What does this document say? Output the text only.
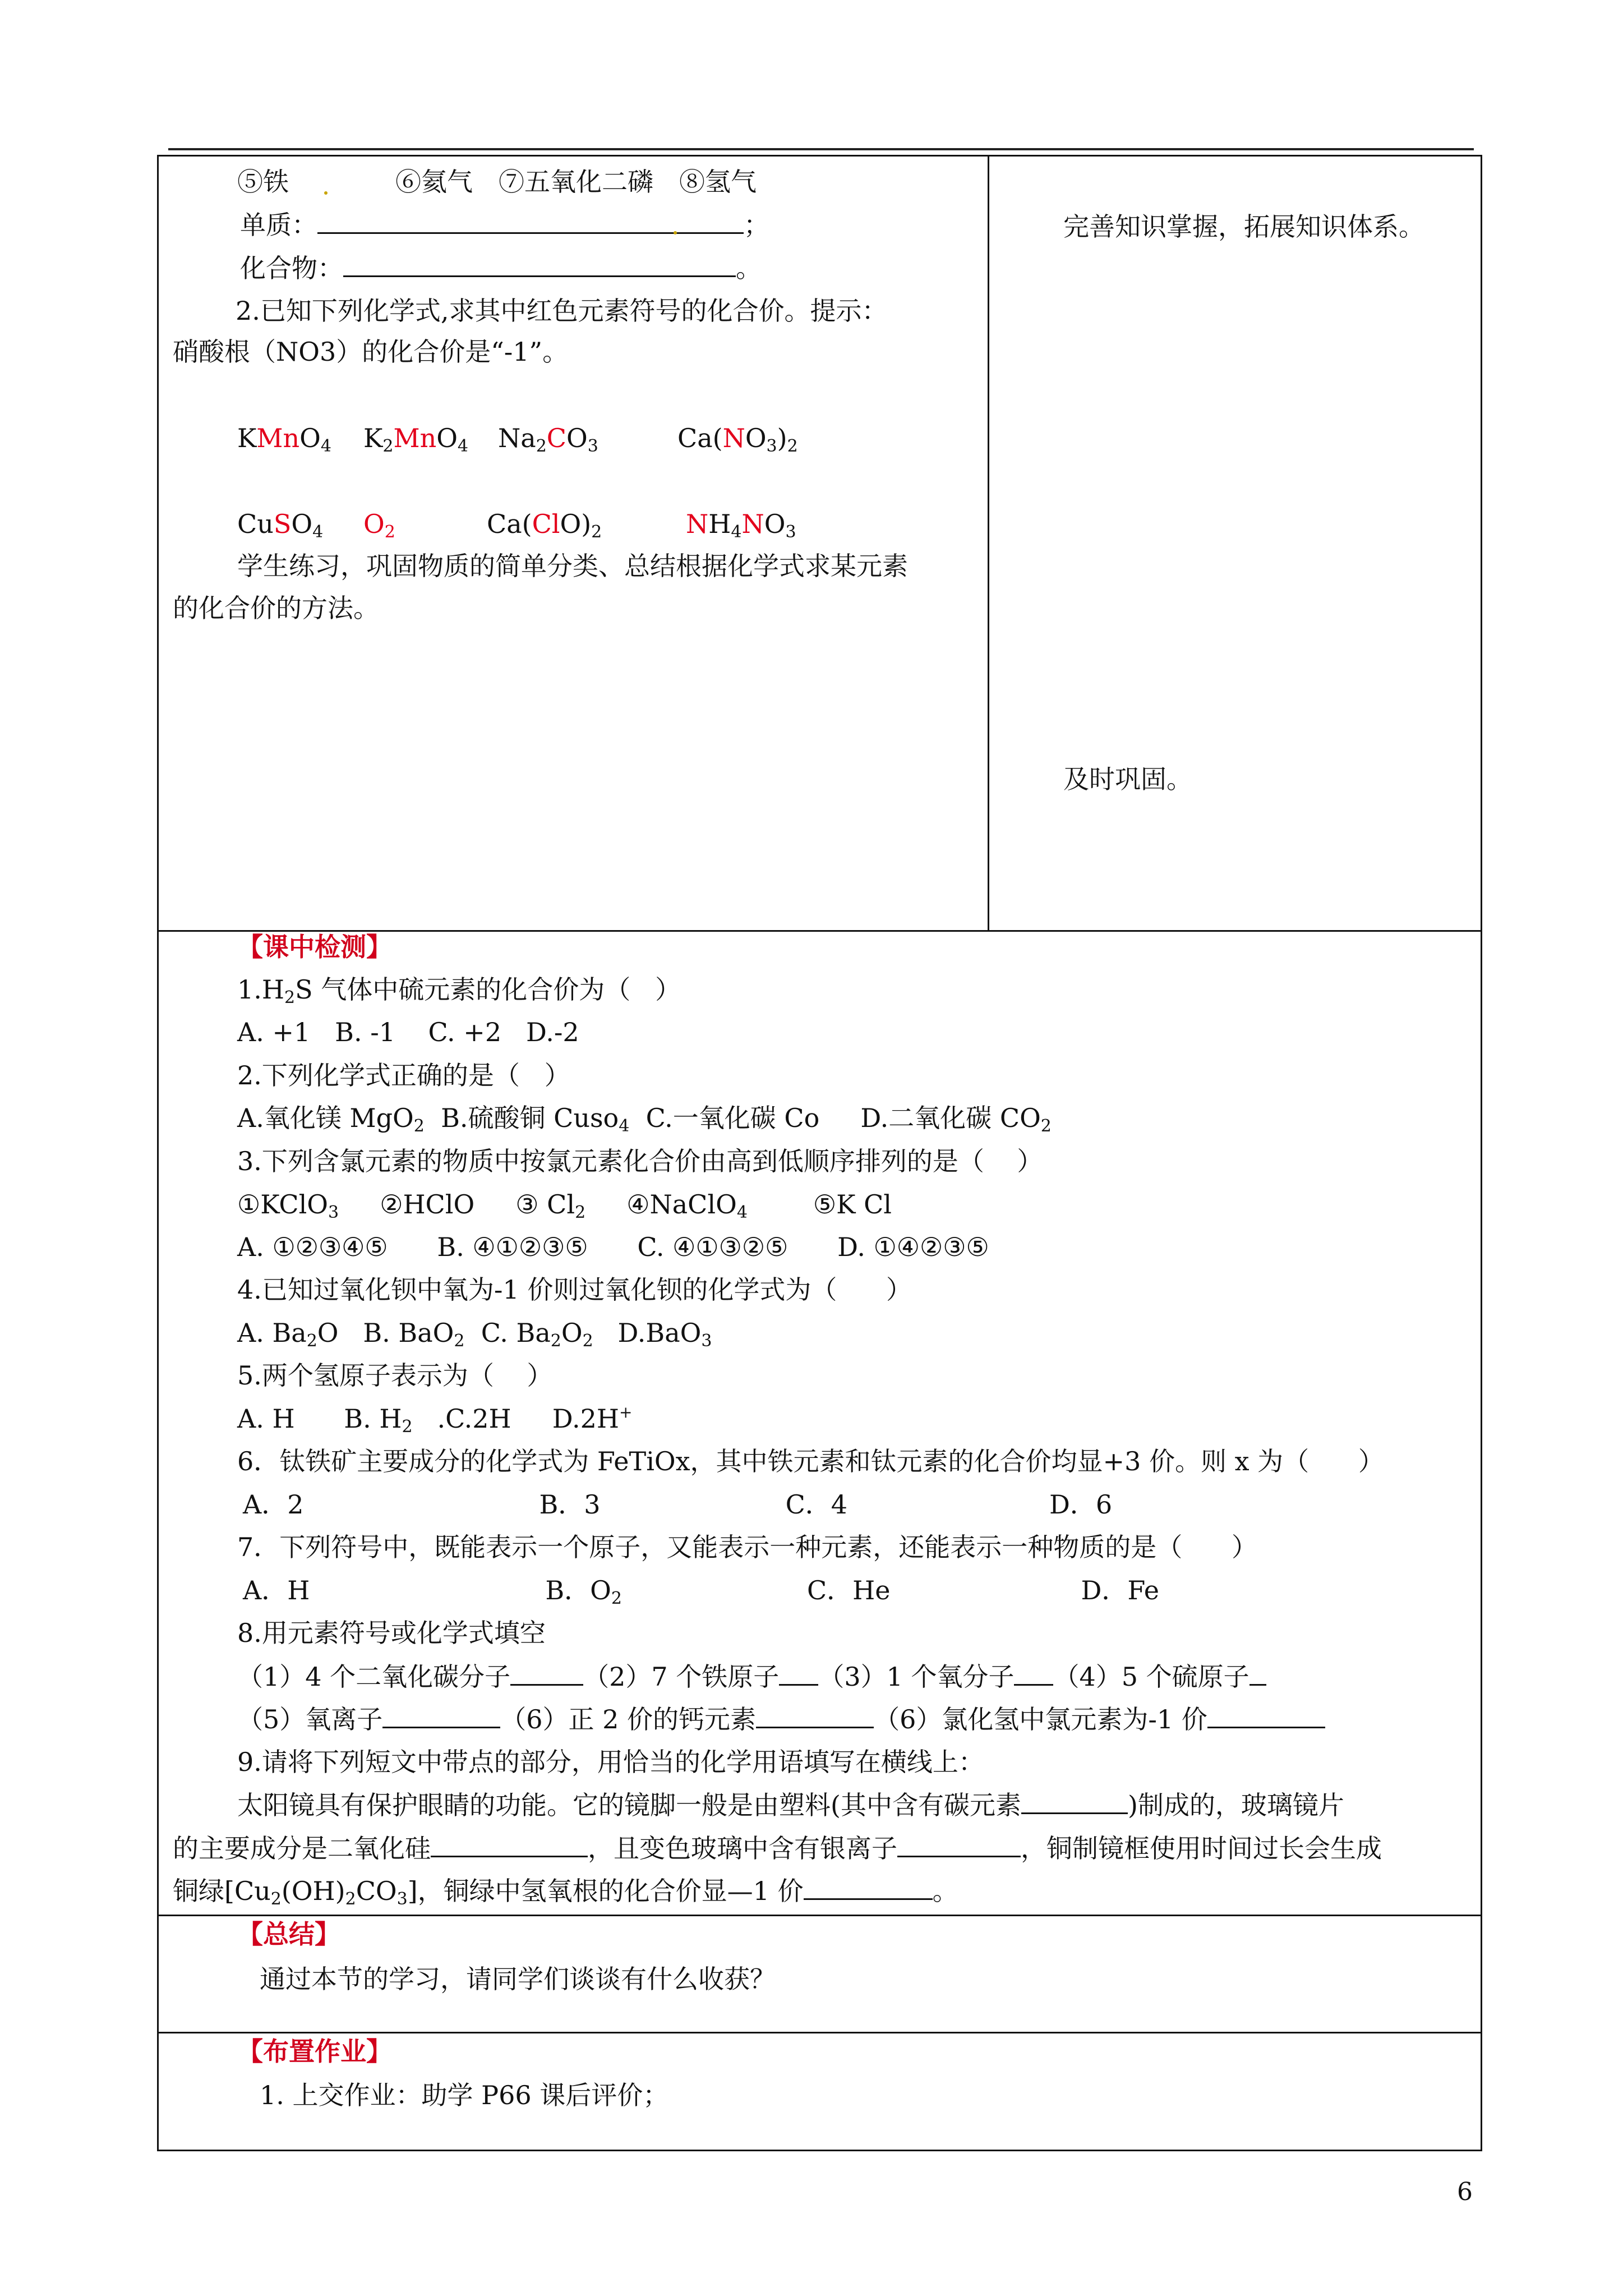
⑤铁	⑥氦气 ⑦五氧化二磷 ⑧氢气
单质：	；
化合物：	。
2.已知下列化学式,求其中红色元素符号的化合价。提示：
硝酸根（NO3）的化合价是“-1”。
KMnO$_4$ $K_2MnO_4$ $Na_2CO_3$	$Ca(NO_3)_2$
CuSO$_4$ $O_2$	$Ca(ClO)_2$	$NH_4NO_3$
学生练习，巩固物质的简单分类、总结根据化学式求某元素
的化合价的方法。
完善知识掌握，拓展知识体系。
及时巩固。
【课中检测】
$1.H_2S$ 气体中硫元素的化合价为（   ）
A. +1   B. -1    C. +2   D.-2
2.下列化学式正确的是（   ）
A.氧化镁 MgO$_2$  B.硫酸铜 Cuso$_4$  C.一氧化碳 Co     D.二氧化碳 $CO_2$
3.下列含氯元素的物质中按氯元素化合价由高到低顺序排列的是（    ）
①KClO$_3$     ②HClO     ③ $Cl_2$     ④NaClO$_4$        ⑤K Cl
A. ①②③④⑤      B. ④①②③⑤      C. ④①③②⑤      D. ①④②③⑤
4.已知过氧化钡中氧为-1 价则过氧化钡的化学式为（      ）
A. $Ba_2O$   B. BaO$_2$  C. $Ba_2O_2$   D.BaO$_3$
5.两个氢原子表示为（    ）
A. H      B. $H_2$   .C.2H     D.2H+
6．钛铁矿主要成分的化学式为 FeTiOx，其中铁元素和钛元素的化合价均显+3 价。则 x 为（      ）
A．2	B．3	C．4	D．6
7．下列符号中，既能表示一个原子，又能表示一种元素，还能表示一种物质的是（      ）
A．H	B．$O_2$	C．He	D．Fe
8.用元素符号或化学式填空
（1）4 个二氧化碳分子	（2）7 个铁原子 （3）1 个氧分子 （4）5 个硫原子
（5）氧离子	（6）正 2 价的钙元素	（6）氯化氢中氯元素为-1 价
9.请将下列短文中带点的部分，用恰当的化学用语填写在横线上：
太阳镜具有保护眼睛的功能。它的镜脚一般是由塑料(其中含有碳元素	)制成的，玻璃镜片
的主要成分是二氧化硅	，且变色玻璃中含有银离子	，铜制镜框使用时间过长会生成
铜绿$[Cu_2(OH)_2CO_3]$，铜绿中氢氧根的化合价显—1 价	。
【总结】
通过本节的学习，请同学们谈谈有什么收获？
【布置作业】
1. 上交作业：助学 P66 课后评价；
6
